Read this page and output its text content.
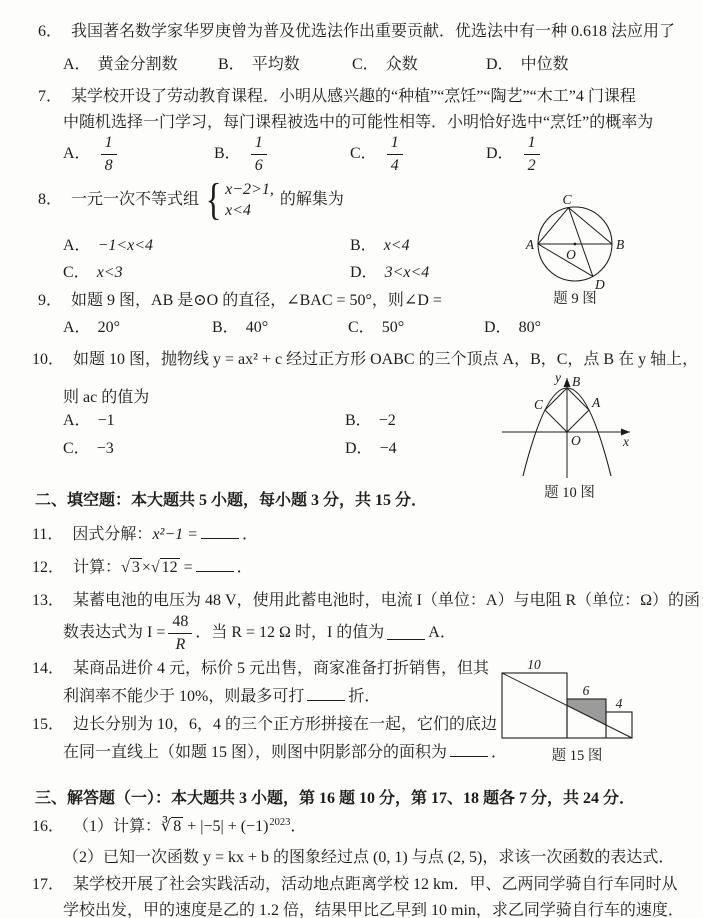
6． 我国著名数学家华罗庚曾为普及优选法作出重要贡献．优选法中有一种 0.618 法应用了
A． 黄金分割数	B． 平均数	C． 众数	D． 中位数
7． 某学校开设了劳动教育课程．小明从感兴趣的“种植”“烹饪”“陶艺”“木工”4 门课程
中随机选择一门学习，每门课程被选中的可能性相等．小明恰好选中“烹饪”的概率为
A． $\frac{1}{8}$	B． $\frac{1}{6}$	C． $\frac{1}{4}$	D． $\frac{1}{2}$
8． 一元一次不等式组 { x−2>1,
x<4
的解集为
A． −1<x<4	B． x<4
C． x<3	D． 3<x<4
9． 如题 9 图，AB 是⊙O 的直径，∠BAC = 50°，则∠D =
A． 20°	B． 40°	C． 50°	D． 80°
A	B
C
D
O
题 9 图
10． 如题 10 图，抛物线 y = ax² + c 经过正方形 OABC 的三个顶点 A，B，C，点 B 在 y 轴上，
则 ac 的值为
A． −1	B． −2
C． −3	D． −4
y B
C	A
O	x
题 10 图
二、填空题：本大题共 5 小题，每小题 3 分，共 15 分．
11． 因式分解：x²−1 =	．
12． 计算：√ 3 ×√ 12 =	．
13． 某蓄电池的电压为 48 V，使用此蓄电池时，电流 I（单位：A）与电阻 R（单位：Ω）的函
数表达式为 $I = \frac{48}{R}$ ．当 R = 12 Ω 时，I 的值为	A．
14． 某商品进价 4 元，标价 5 元出售，商家准备打折销售，但其
利润率不能少于 10%，则最多可打	折．
15． 边长分别为 10，6，4 的三个正方形拼接在一起，它们的底边
在同一直线上（如题 15 图），则图中阴影部分的面积为	．
10
6
4
题 15 图
三、解答题（一）：本大题共 3 小题，第 16 题 10 分，第 17、18 题各 7 分，共 24 分．
16． （1）计算：∛ $8 + |-5| + (-1)^{2023}$．
（2）已知一次函数 y = kx + b 的图象经过点 (0, 1) 与点 (2, 5)，求该一次函数的表达式．
17． 某学校开展了社会实践活动，活动地点距离学校 12 km．甲、乙两同学骑自行车同时从
学校出发，甲的速度是乙的 1.2 倍，结果甲比乙早到 10 min，求乙同学骑自行车的速度．
